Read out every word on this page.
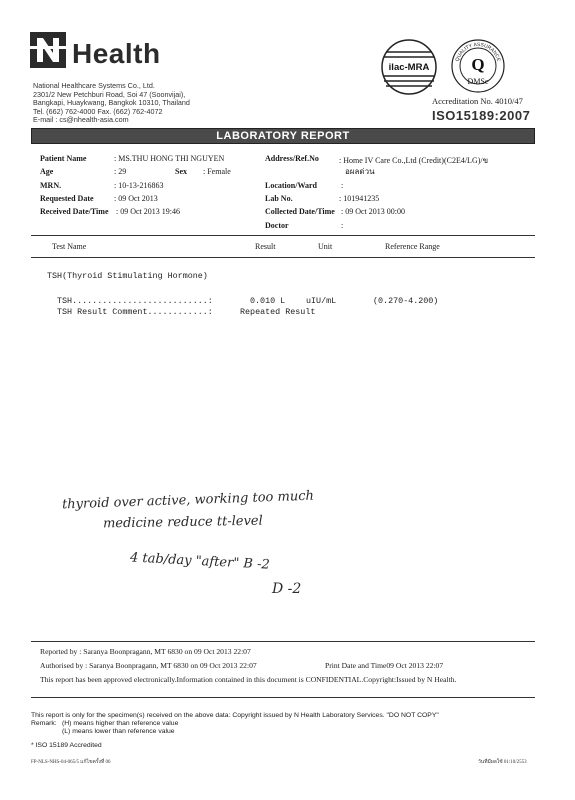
Health
National Healthcare Systems Co., Ltd.
2301/2 New Petchburi Road, Soi 47 (Soonvijai),
Bangkapi, Huaykwang, Bangkok 10310, Thailand
Tel. (662) 762-4000 Fax. (662) 762-4072
E-mail : cs@nhealth-asia.com
ilac-MRA
QUALITY ASSURANCE
Q
DMSc
Accreditation No. 4010/47
ISO15189:2007
LABORATORY REPORT
Patient Name	: MS.THU HONG THI NGUYEN
Age	: 29	Sex : Female
MRN.	: 10-13-216863
Requested Date	: 09 Oct 2013
Received Date/Time : 09 Oct 2013 19:46
Address/Ref.No	: Home IV Care Co.,Ltd (Credit)(C2E4/LG)/ข
อผลด่วน
Location/Ward	:
Lab No.	: 101941235
Collected Date/Time : 09 Oct 2013 00:00
Doctor	:
Test Name	Result	Unit	Reference Range
TSH(Thyroid Stimulating Hormone)
TSH...........................:	0.010 L uIU/mL	(0.270-4.200)
TSH Result Comment............:	Repeated Result
thyroid over active, working too much
medicine reduce tt-level
4 tab/day "after" B -2
D -2
Reported by : Saranya Boonpragann, MT 6830 on 09 Oct 2013 22:07
Authorised by : Saranya Boonpragann, MT 6830 on 09 Oct 2013 22:07	Print Date and Time09 Oct 2013 22:07
This report has been approved electronically.Information contained in this document is CONFIDENTIAL.Copyright:Issued by N Health.
This report is only for the specimen(s) received on the above data: Copyright issued by N Health Laboratory Services. "DO NOT COPY"
Remark: (H) means higher than reference value
(L) means lower than reference value
* ISO 15189 Accredited
FP-NLS-NHS-04-065/5 แก้ไขครั้งที่ 06	วันที่มีผลใช้ 01/10/2553
